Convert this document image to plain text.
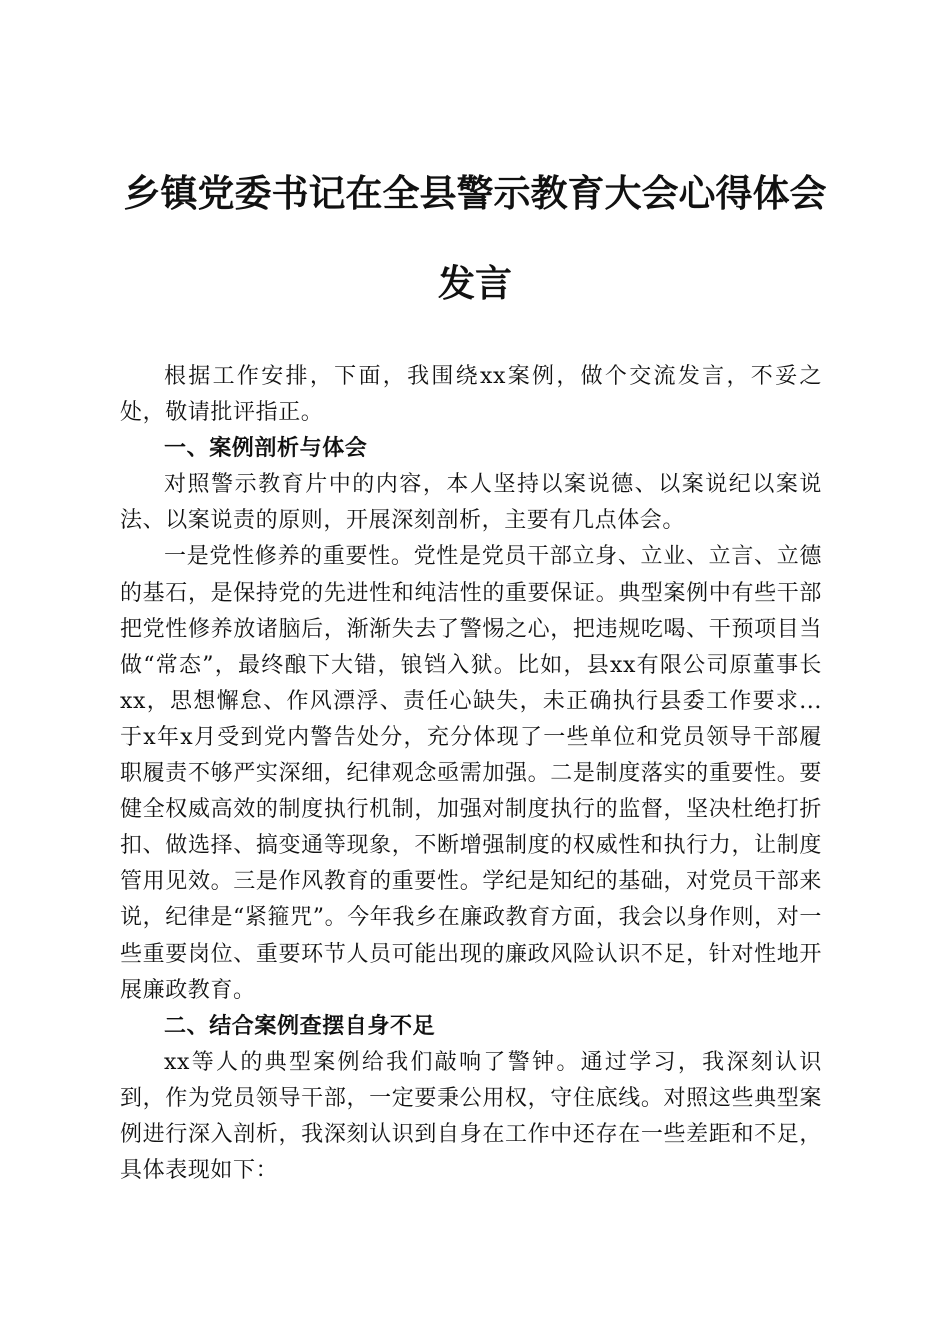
乡镇党委书记在全县警示教育大会心得体会发言

根据工作安排，下面，我围绕xx案例，做个交流发言，不妥之处，敬请批评指正。

一、案例剖析与体会

对照警示教育片中的内容，本人坚持以案说德、以案说纪以案说法、以案说责的原则，开展深刻剖析，主要有几点体会。

一是党性修养的重要性。党性是党员干部立身、立业、立言、立德的基石，是保持党的先进性和纯洁性的重要保证。典型案例中有些干部把党性修养放诸脑后，渐渐失去了警惕之心，把违规吃喝、干预项目当做“常态”，最终酿下大错，锒铛入狱。比如，县xx有限公司原董事长xx，思想懈怠、作风漂浮、责任心缺失，未正确执行县委工作要求...于x年x月受到党内警告处分，充分体现了一些单位和党员领导干部履职履责不够严实深细，纪律观念亟需加强。二是制度落实的重要性。要健全权威高效的制度执行机制，加强对制度执行的监督，坚决杜绝打折扣、做选择、搞变通等现象，不断增强制度的权威性和执行力，让制度管用见效。三是作风教育的重要性。学纪是知纪的基础，对党员干部来说，纪律是“紧箍咒”。今年我乡在廉政教育方面，我会以身作则，对一些重要岗位、重要环节人员可能出现的廉政风险认识不足，针对性地开展廉政教育。

二、结合案例查摆自身不足

xx等人的典型案例给我们敲响了警钟。通过学习，我深刻认识到，作为党员领导干部，一定要秉公用权，守住底线。对照这些典型案例进行深入剖析，我深刻认识到自身在工作中还存在一些差距和不足，具体表现如下：
